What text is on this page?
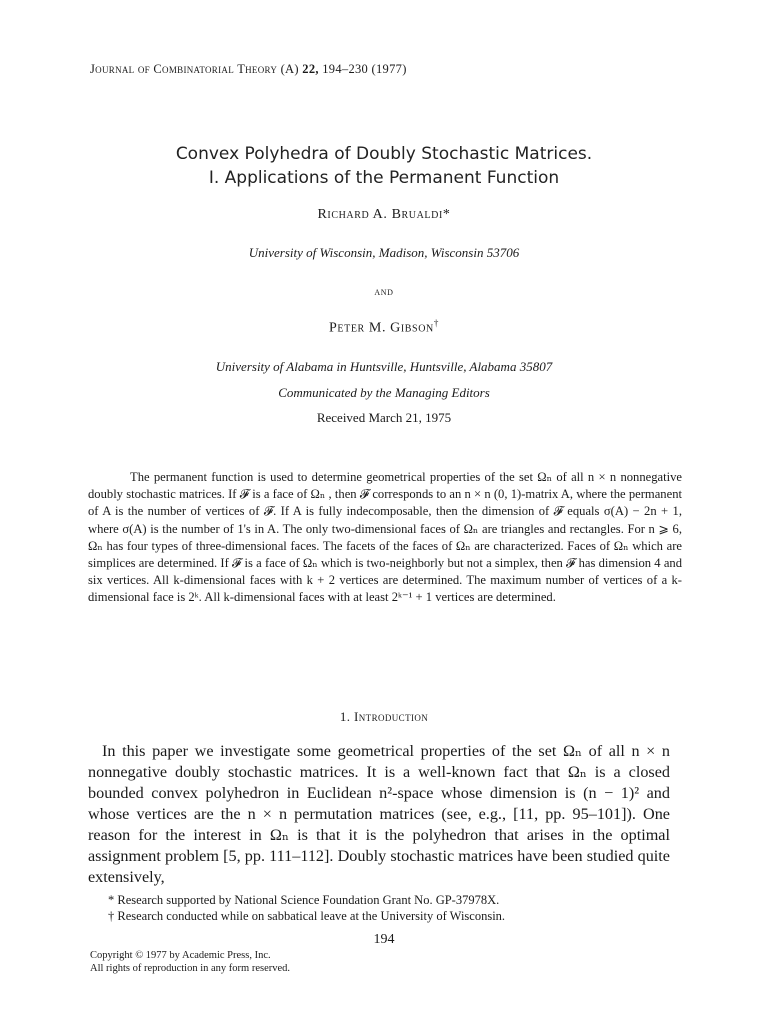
Journal of Combinatorial Theory (A) 22, 194–230 (1977)
Convex Polyhedra of Doubly Stochastic Matrices.
I. Applications of the Permanent Function
Richard A. Brualdi*
University of Wisconsin, Madison, Wisconsin 53706
and
Peter M. Gibson†
University of Alabama in Huntsville, Huntsville, Alabama 35807
Communicated by the Managing Editors
Received March 21, 1975

The permanent function is used to determine geometrical properties of the set Ωₙ of all n × n nonnegative doubly stochastic matrices. If 𝓕 is a face of Ωₙ , then 𝓕 corresponds to an n × n (0, 1)-matrix A, where the permanent of A is the number of vertices of 𝓕. If A is fully indecomposable, then the dimension of 𝓕 equals σ(A) − 2n + 1, where σ(A) is the number of 1's in A. The only two-dimensional faces of Ωₙ are triangles and rectangles. For n ⩾ 6, Ωₙ has four types of three-dimensional faces. The facets of the faces of Ωₙ are characterized. Faces of Ωₙ which are simplices are determined. If 𝓕 is a face of Ωₙ which is two-neighborly but not a simplex, then 𝓕 has dimension 4 and six vertices. All k-dimensional faces with k + 2 vertices are determined. The maximum number of vertices of a k-dimensional face is 2ᵏ. All k-dimensional faces with at least 2ᵏ⁻¹ + 1 vertices are determined.

1. Introduction

In this paper we investigate some geometrical properties of the set Ωₙ of all n × n nonnegative doubly stochastic matrices. It is a well-known fact that Ωₙ is a closed bounded convex polyhedron in Euclidean n²-space whose dimension is (n − 1)² and whose vertices are the n × n permutation matrices (see, e.g., [11, pp. 95–101]). One reason for the interest in Ωₙ is that it is the polyhedron that arises in the optimal assignment problem [5, pp. 111–112]. Doubly stochastic matrices have been studied quite extensively,

* Research supported by National Science Foundation Grant No. GP-37978X.

† Research conducted while on sabbatical leave at the University of Wisconsin.

194
Copyright © 1977 by Academic Press, Inc.
All rights of reproduction in any form reserved.
